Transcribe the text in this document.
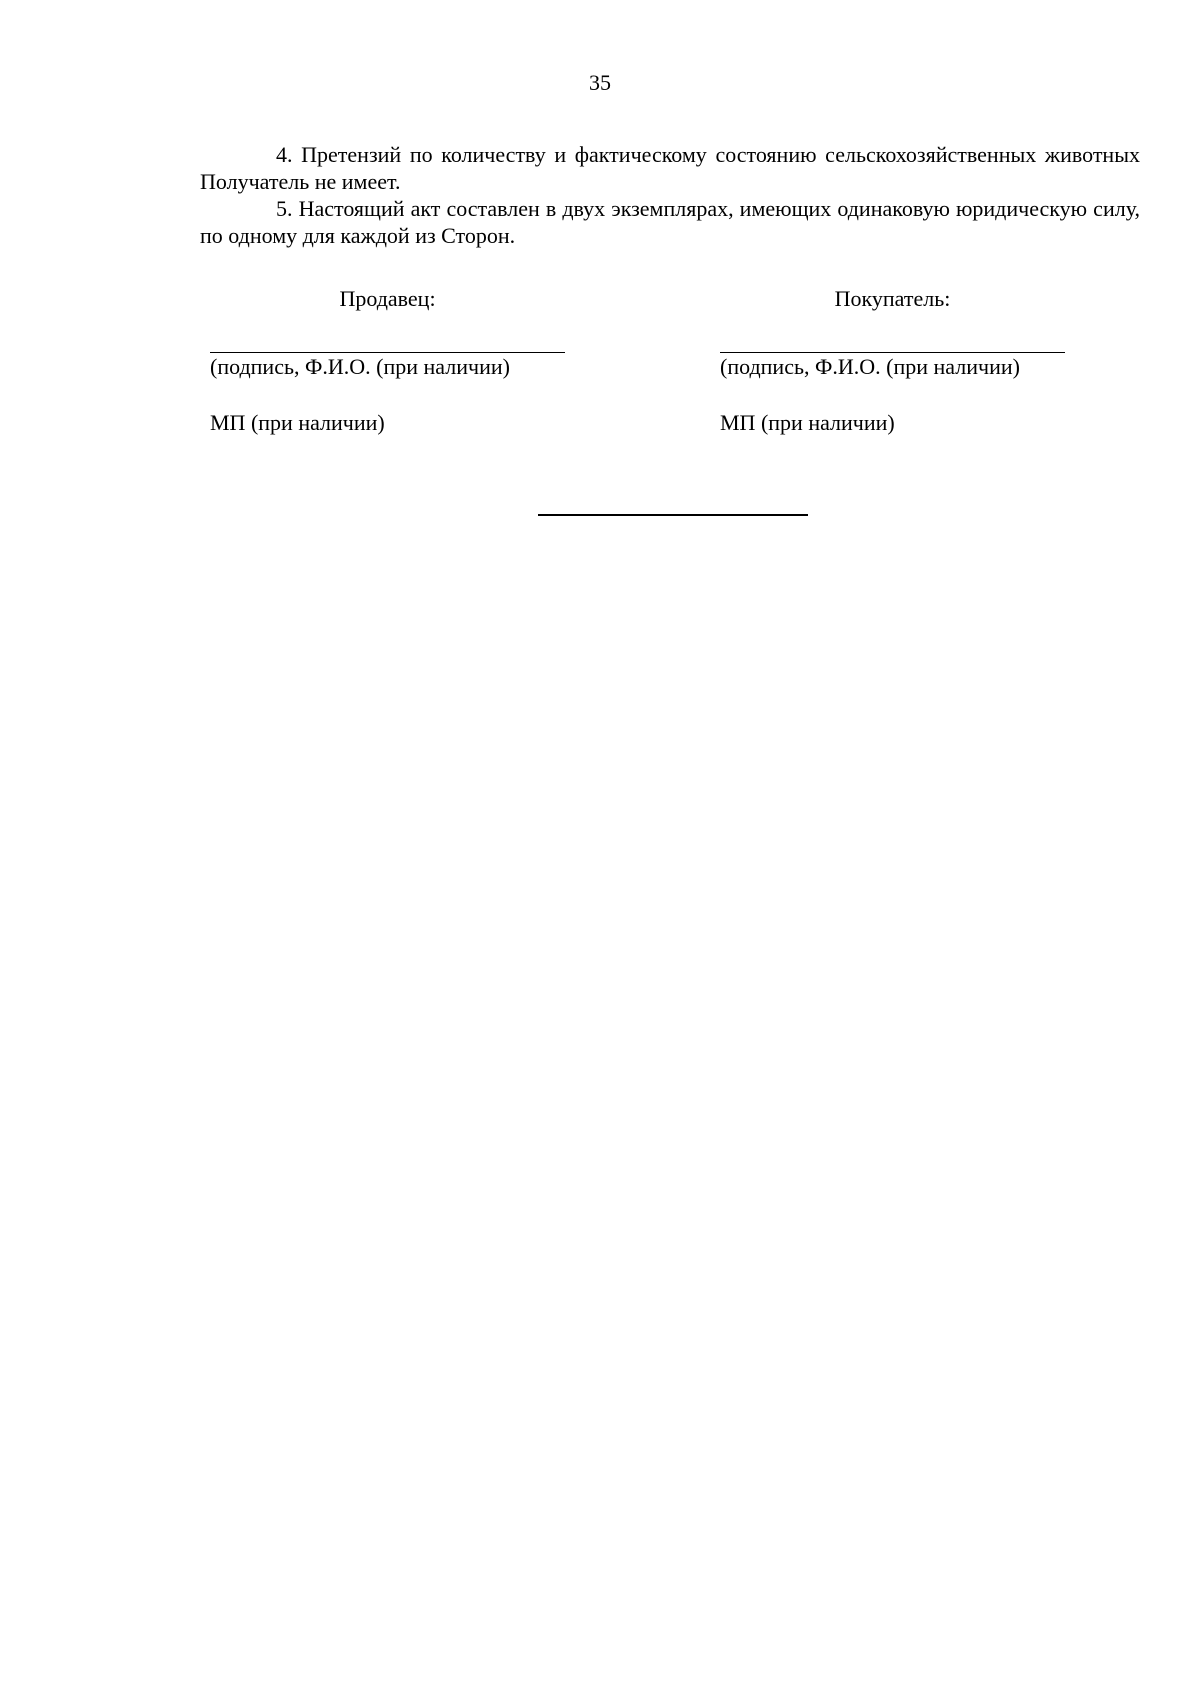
35

4. Претензий по количеству и фактическому состоянию сельскохозяйственных животных Получатель не имеет.

5. Настоящий акт составлен в двух экземплярах, имеющих одинаковую юридическую силу, по одному для каждой из Сторон.

Продавец:
(подпись, Ф.И.О. (при наличии)
МП (при наличии)
Покупатель:
(подпись, Ф.И.О. (при наличии)
МП (при наличии)
